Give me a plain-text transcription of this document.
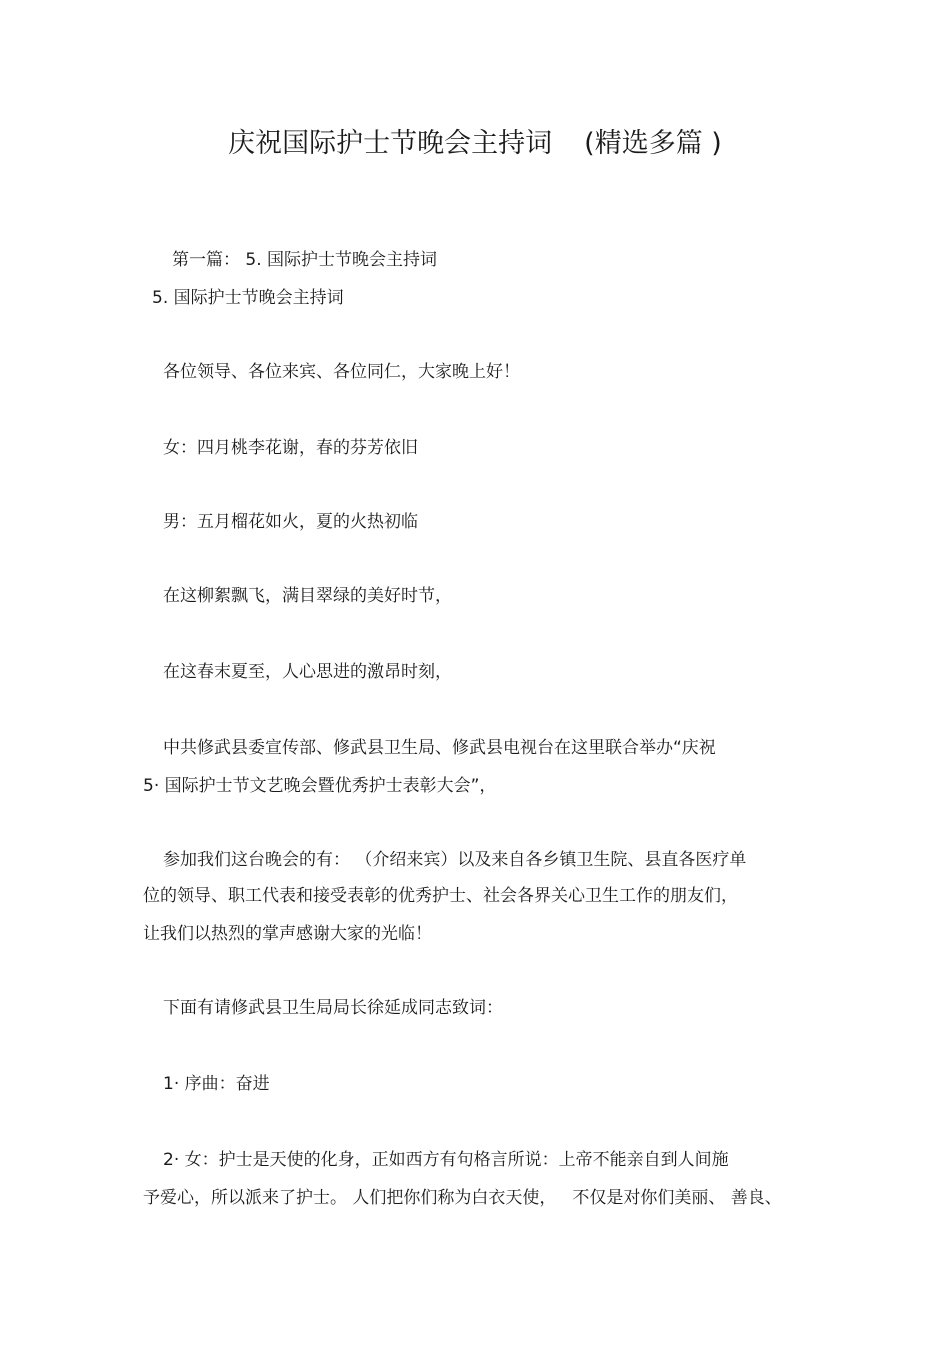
庆祝国际护士节晚会主持词 (精选多篇 )
第一篇： 5. 国际护士节晚会主持词
5. 国际护士节晚会主持词
各位领导、各位来宾、各位同仁，大家晚上好！
女：四月桃李花谢，春的芬芳依旧
男：五月榴花如火，夏的火热初临
在这柳絮飘飞，满目翠绿的美好时节，
在这春末夏至，人心思进的激昂时刻，
中共修武县委宣传部、修武县卫生局、修武县电视台在这里联合举办“庆祝
5· 国际护士节文艺晚会暨优秀护士表彰大会”，
参加我们这台晚会的有： （介绍来宾）以及来自各乡镇卫生院、县直各医疗单
位的领导、职工代表和接受表彰的优秀护士、社会各界关心卫生工作的朋友们，
让我们以热烈的掌声感谢大家的光临！
下面有请修武县卫生局局长徐延成同志致词：
1· 序曲：奋进
2· 女：护士是天使的化身，正如西方有句格言所说：上帝不能亲自到人间施
予爱心，所以派来了护士。 人们把你们称为白衣天使， 不仅是对你们美丽、 善良、
